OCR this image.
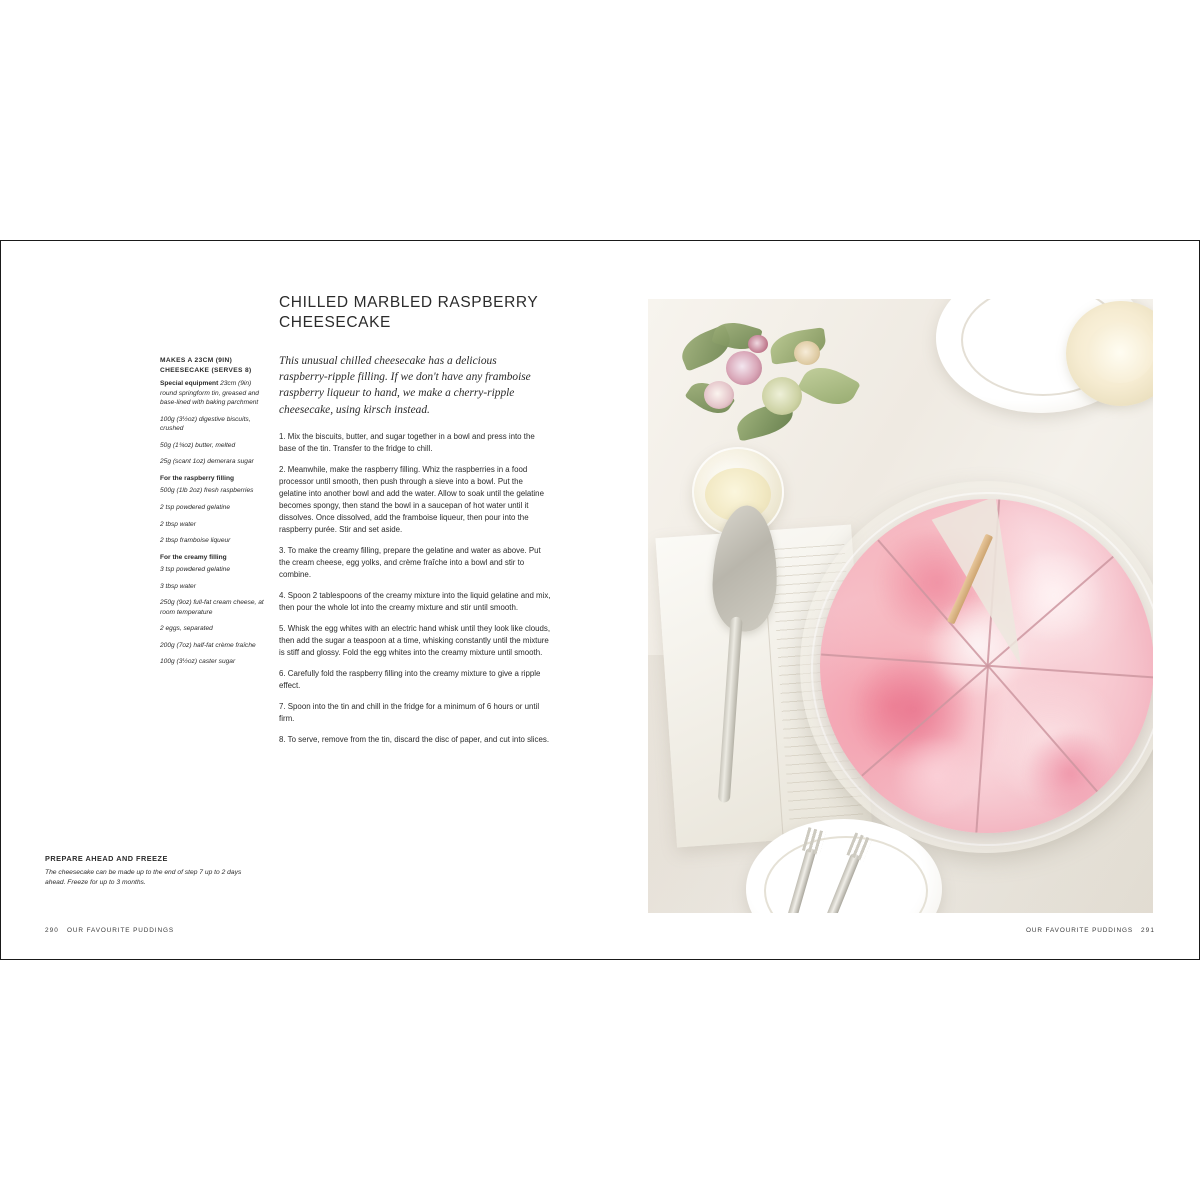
CHILLED MARBLED RASPBERRY CHEESECAKE
MAKES A 23CM (9IN) CHEESECAKE (SERVES 8)
Special equipment 23cm (9in) round springform tin, greased and base-lined with baking parchment
100g (3½oz) digestive biscuits, crushed
50g (1¾oz) butter, melted
25g (scant 1oz) demerara sugar
For the raspberry filling
500g (1lb 2oz) fresh raspberries
2 tsp powdered gelatine
2 tbsp water
2 tbsp framboise liqueur
For the creamy filling
3 tsp powdered gelatine
3 tbsp water
250g (9oz) full-fat cream cheese, at room temperature
2 eggs, separated
200g (7oz) half-fat crème fraîche
100g (3½oz) caster sugar
This unusual chilled cheesecake has a delicious raspberry-ripple filling. If we don't have any framboise raspberry liqueur to hand, we make a cherry-ripple cheesecake, using kirsch instead.
1. Mix the biscuits, butter, and sugar together in a bowl and press into the base of the tin. Transfer to the fridge to chill.
2. Meanwhile, make the raspberry filling. Whiz the raspberries in a food processor until smooth, then push through a sieve into a bowl. Put the gelatine into another bowl and add the water. Allow to soak until the gelatine becomes spongy, then stand the bowl in a saucepan of hot water until it dissolves. Once dissolved, add the framboise liqueur, then pour into the raspberry purée. Stir and set aside.
3. To make the creamy filling, prepare the gelatine and water as above. Put the cream cheese, egg yolks, and crème fraîche into a bowl and stir to combine.
4. Spoon 2 tablespoons of the creamy mixture into the liquid gelatine and mix, then pour the whole lot into the creamy mixture and stir until smooth.
5. Whisk the egg whites with an electric hand whisk until they look like clouds, then add the sugar a teaspoon at a time, whisking constantly until the mixture is stiff and glossy. Fold the egg whites into the creamy mixture until smooth.
6. Carefully fold the raspberry filling into the creamy mixture to give a ripple effect.
7. Spoon into the tin and chill in the fridge for a minimum of 6 hours or until firm.
8. To serve, remove from the tin, discard the disc of paper, and cut into slices.
PREPARE AHEAD AND FREEZE
The cheesecake can be made up to the end of step 7 up to 2 days ahead. Freeze for up to 3 months.
290 OUR FAVOURITE PUDDINGS	OUR FAVOURITE PUDDINGS 291
